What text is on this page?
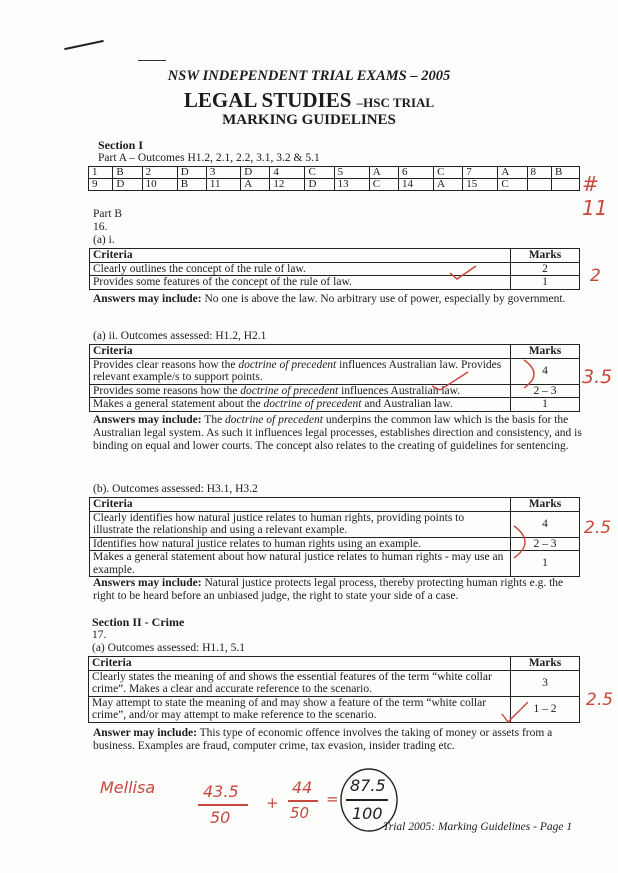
NSW INDEPENDENT TRIAL EXAMS – 2005
LEGAL STUDIES –HSC TRIAL
MARKING GUIDELINES
Section I
Part A – Outcomes H1.2, 2.1, 2.2, 3.1, 3.2 & 5.1
1	B	2	D	3	D	4	C	5	A	6	C	7	A	8	B
9	D	10	B	11	A	12	D	13	C	14	A	15	C			# 11
Part B
16.
(a) i.
Criteria	Marks
Clearly outlines the concept of the rule of law.	2
Provides some features of the concept of the rule of law.	1
Answers may include: No one is above the law. No arbitrary use of power, especially by government.
2
(a) ii. Outcomes assessed: H1.2, H2.1
Criteria	Marks
Provides clear reasons how the doctrine of precedent influences Australian law. Provides relevant example/s to support points.	4
Provides some reasons how the doctrine of precedent influences Australian law.	2 – 3
Makes a general statement about the doctrine of precedent and Australian law.	1
Answers may include: The doctrine of precedent underpins the common law which is the basis for the Australian legal system. As such it influences legal processes, establishes direction and consistency, and is binding on equal and lower courts. The concept also relates to the creating of guidelines for sentencing.
3.5
(b). Outcomes assessed: H3.1, H3.2
Criteria	Marks
Clearly identifies how natural justice relates to human rights, providing points to illustrate the relationship and using a relevant example.	4
Identifies how natural justice relates to human rights using an example.	2 – 3
Makes a general statement about how natural justice relates to human rights - may use an example.	1
Answers may include: Natural justice protects legal process, thereby protecting human rights e.g. the right to be heard before an unbiased judge, the right to state your side of a case.
2.5
Section II - Crime
17.
(a) Outcomes assessed: H1.1, 5.1
Criteria	Marks
Clearly states the meaning of and shows the essential features of the term “white collar crime”. Makes a clear and accurate reference to the scenario.	3
May attempt to state the meaning of and may show a feature of the term “white collar crime”, and/or may attempt to make reference to the scenario.	1 – 2
Answer may include: This type of economic offence involves the taking of money or assets from a business. Examples are fraud, computer crime, tax evasion, insider trading etc.
2.5
Mellisa	43.5
50
+
44
50
=
87.5
100
Trial 2005: Marking Guidelines - Page 1
